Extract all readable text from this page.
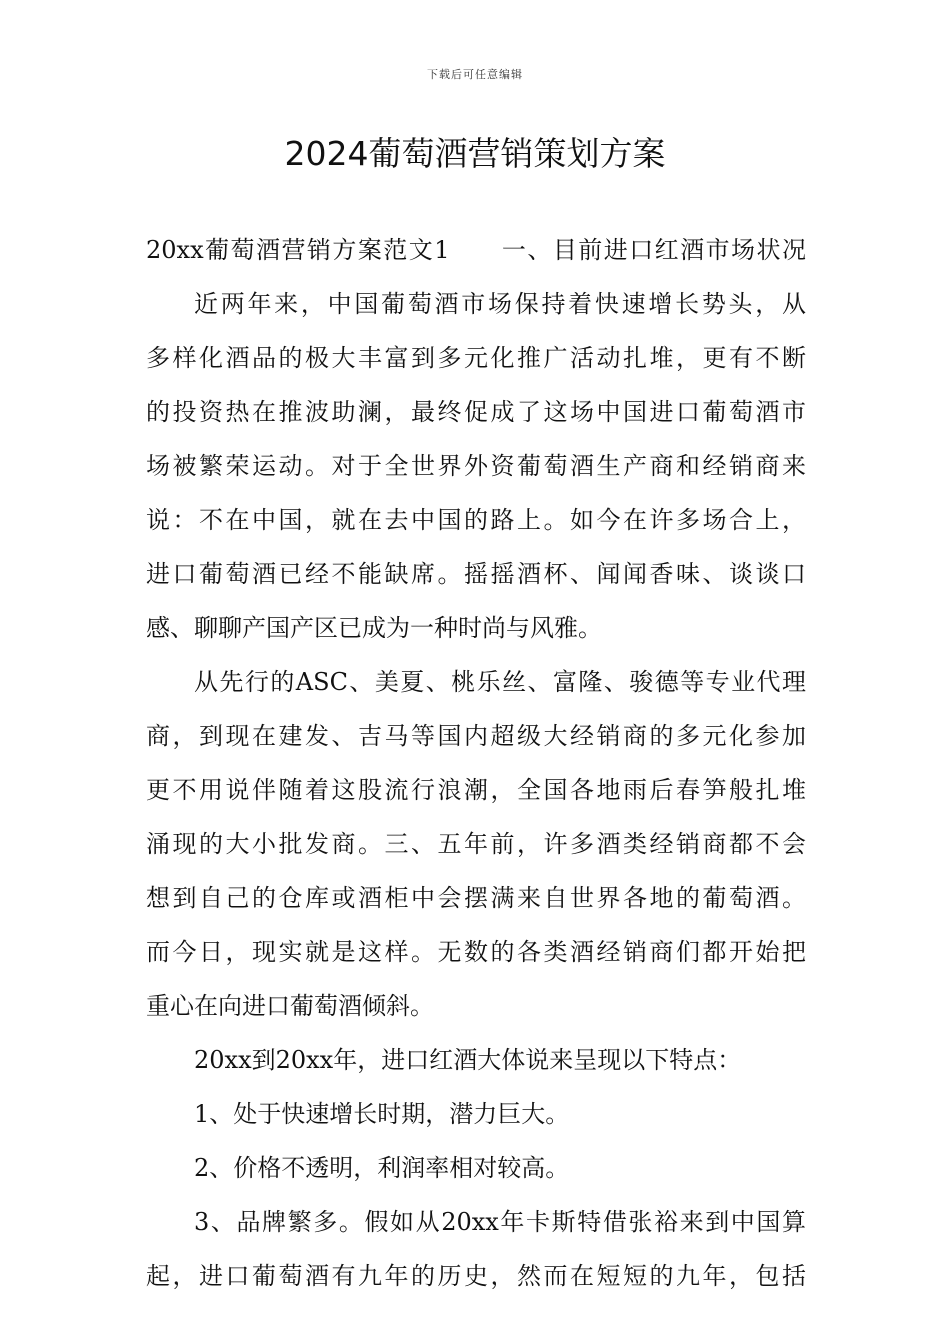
下载后可任意编辑
2024葡萄酒营销策划方案
20xx葡萄酒营销方案范文1　　一、目前进口红酒市场状况
近两年来，中国葡萄酒市场保持着快速增长势头，从
多样化酒品的极大丰富到多元化推广活动扎堆，更有不断
的投资热在推波助澜，最终促成了这场中国进口葡萄酒市
场被繁荣运动。对于全世界外资葡萄酒生产商和经销商来
说：不在中国，就在去中国的路上。如今在许多场合上，
进口葡萄酒已经不能缺席。摇摇酒杯、闻闻香味、谈谈口
感、聊聊产国产区已成为一种时尚与风雅。
从先行的ASC、美夏、桃乐丝、富隆、骏德等专业代理
商，到现在建发、吉马等国内超级大经销商的多元化参加
更不用说伴随着这股流行浪潮，全国各地雨后春笋般扎堆
涌现的大小批发商。三、五年前，许多酒类经销商都不会
想到自己的仓库或酒柜中会摆满来自世界各地的葡萄酒。
而今日，现实就是这样。无数的各类酒经销商们都开始把
重心在向进口葡萄酒倾斜。
20xx到20xx年，进口红酒大体说来呈现以下特点：
1、处于快速增长时期，潜力巨大。
2、价格不透明，利润率相对较高。
3、品牌繁多。假如从20xx年卡斯特借张裕来到中国算
起，进口葡萄酒有九年的历史，然而在短短的九年，包括
